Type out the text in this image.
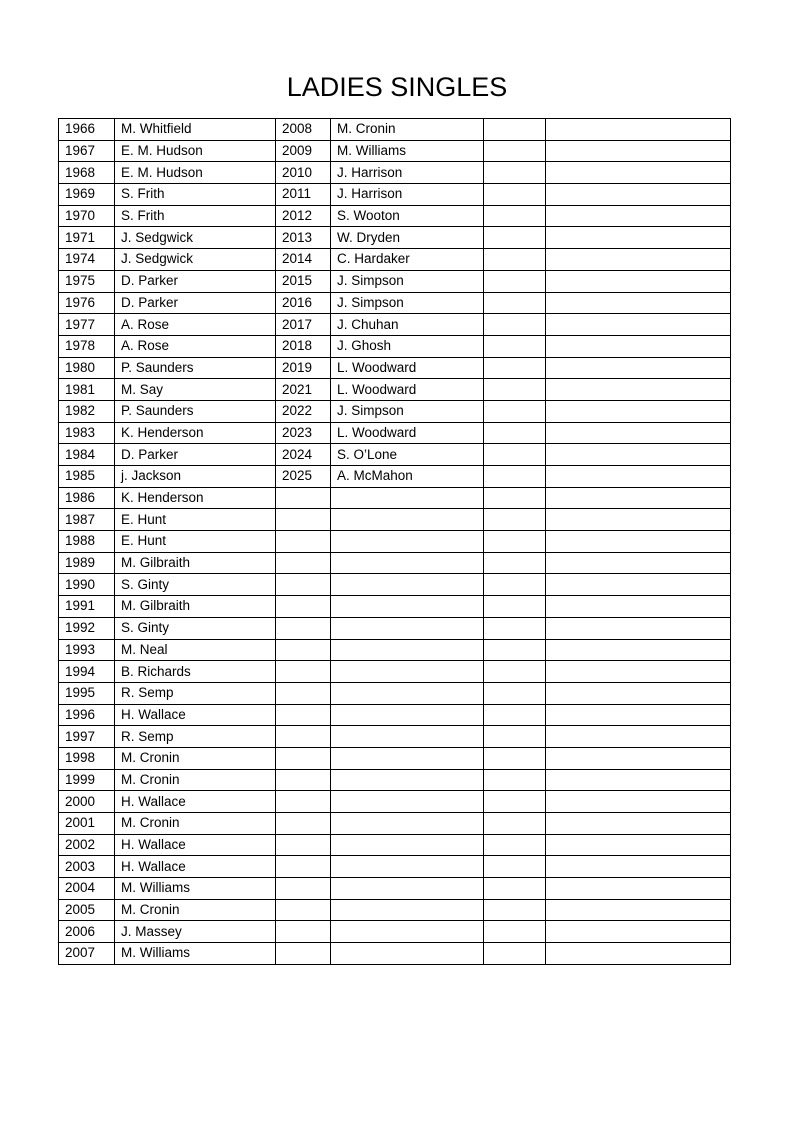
LADIES SINGLES
1966	M. Whitfield	2008	M. Cronin		
1967	E. M. Hudson	2009	M. Williams		
1968	E. M. Hudson	2010	J. Harrison		
1969	S. Frith	2011	J. Harrison		
1970	S. Frith	2012	S. Wooton		
1971	J. Sedgwick	2013	W. Dryden		
1974	J. Sedgwick	2014	C. Hardaker		
1975	D. Parker	2015	J. Simpson		
1976	D. Parker	2016	J. Simpson		
1977	A. Rose	2017	J. Chuhan		
1978	A. Rose	2018	J. Ghosh		
1980	P. Saunders	2019	L. Woodward		
1981	M. Say	2021	L. Woodward		
1982	P. Saunders	2022	J. Simpson		
1983	K. Henderson	2023	L. Woodward		
1984	D. Parker	2024	S. O’Lone		
1985	j. Jackson	2025	A. McMahon		
1986	K. Henderson				
1987	E. Hunt				
1988	E. Hunt				
1989	M. Gilbraith				
1990	S. Ginty				
1991	M. Gilbraith				
1992	S. Ginty				
1993	M. Neal				
1994	B. Richards				
1995	R. Semp				
1996	H. Wallace				
1997	R. Semp				
1998	M. Cronin				
1999	M. Cronin				
2000	H. Wallace				
2001	M. Cronin				
2002	H. Wallace				
2003	H. Wallace				
2004	M. Williams				
2005	M. Cronin				
2006	J. Massey				
2007	M. Williams				
